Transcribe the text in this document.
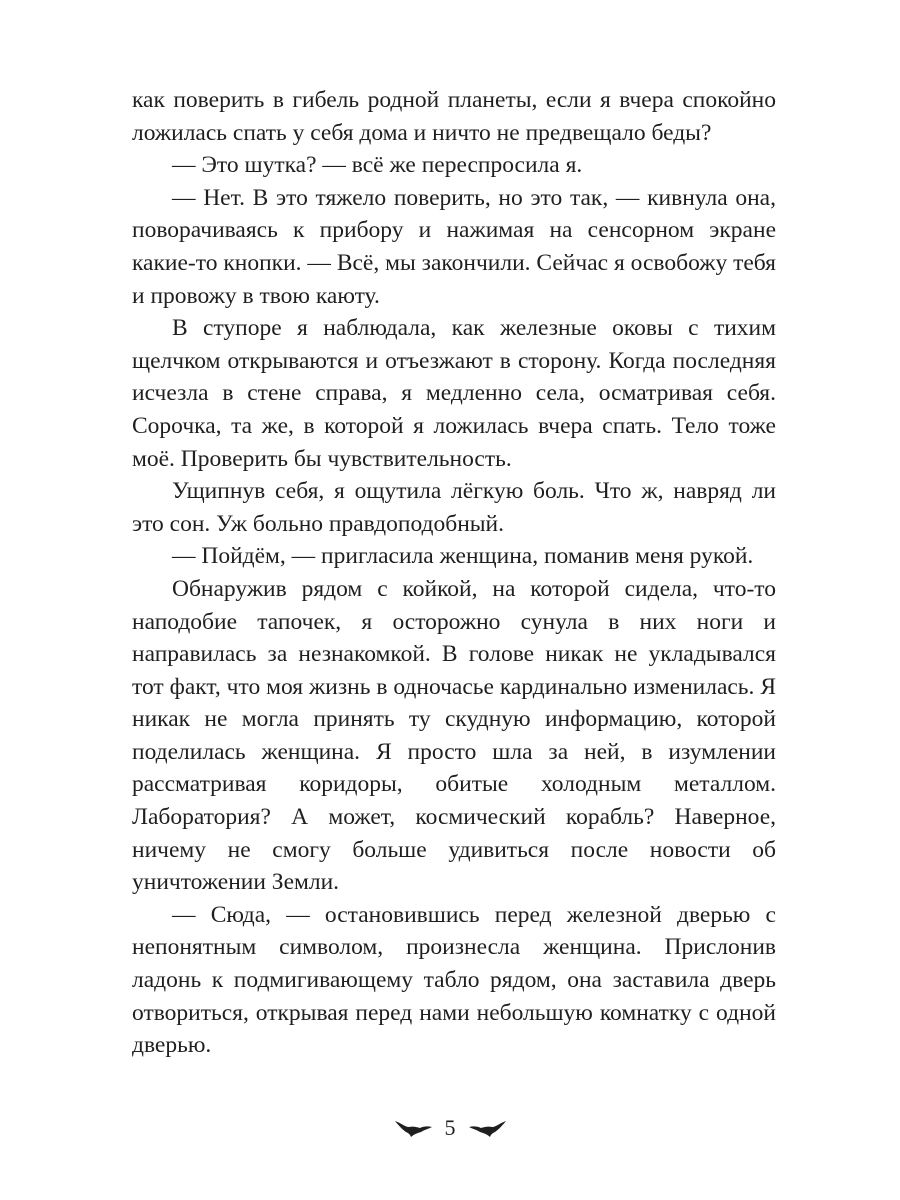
как поверить в гибель родной планеты, если я вчера спокойно ложилась спать у себя дома и ничто не предвещало беды?

— Это шутка? — всё же переспросила я.

— Нет. В это тяжело поверить, но это так, — кивнула она, поворачиваясь к прибору и нажимая на сенсорном экране какие-то кнопки. — Всё, мы закончили. Сейчас я освобожу тебя и провожу в твою каюту.

В ступоре я наблюдала, как железные оковы с тихим щелчком открываются и отъезжают в сторону. Когда последняя исчезла в стене справа, я медленно села, осматривая себя. Сорочка, та же, в которой я ложилась вчера спать. Тело тоже моё. Проверить бы чувствительность.

Ущипнув себя, я ощутила лёгкую боль. Что ж, навряд ли это сон. Уж больно правдоподобный.

— Пойдём, — пригласила женщина, поманив меня рукой.

Обнаружив рядом с койкой, на которой сидела, что-то наподобие тапочек, я осторожно сунула в них ноги и направилась за незнакомкой. В голове никак не укладывался тот факт, что моя жизнь в одночасье кардинально изменилась. Я никак не могла принять ту скудную информацию, которой поделилась женщина. Я просто шла за ней, в изумлении рассматривая коридоры, обитые холодным металлом. Лаборатория? А может, космический корабль? Наверное, ничему не смогу больше удивиться после новости об уничтожении Земли.

— Сюда, — остановившись перед железной дверью с непонятным символом, произнесла женщина. Прислонив ладонь к подмигивающему табло рядом, она заставила дверь отвориться, открывая перед нами небольшую комнатку с одной дверью.

5
